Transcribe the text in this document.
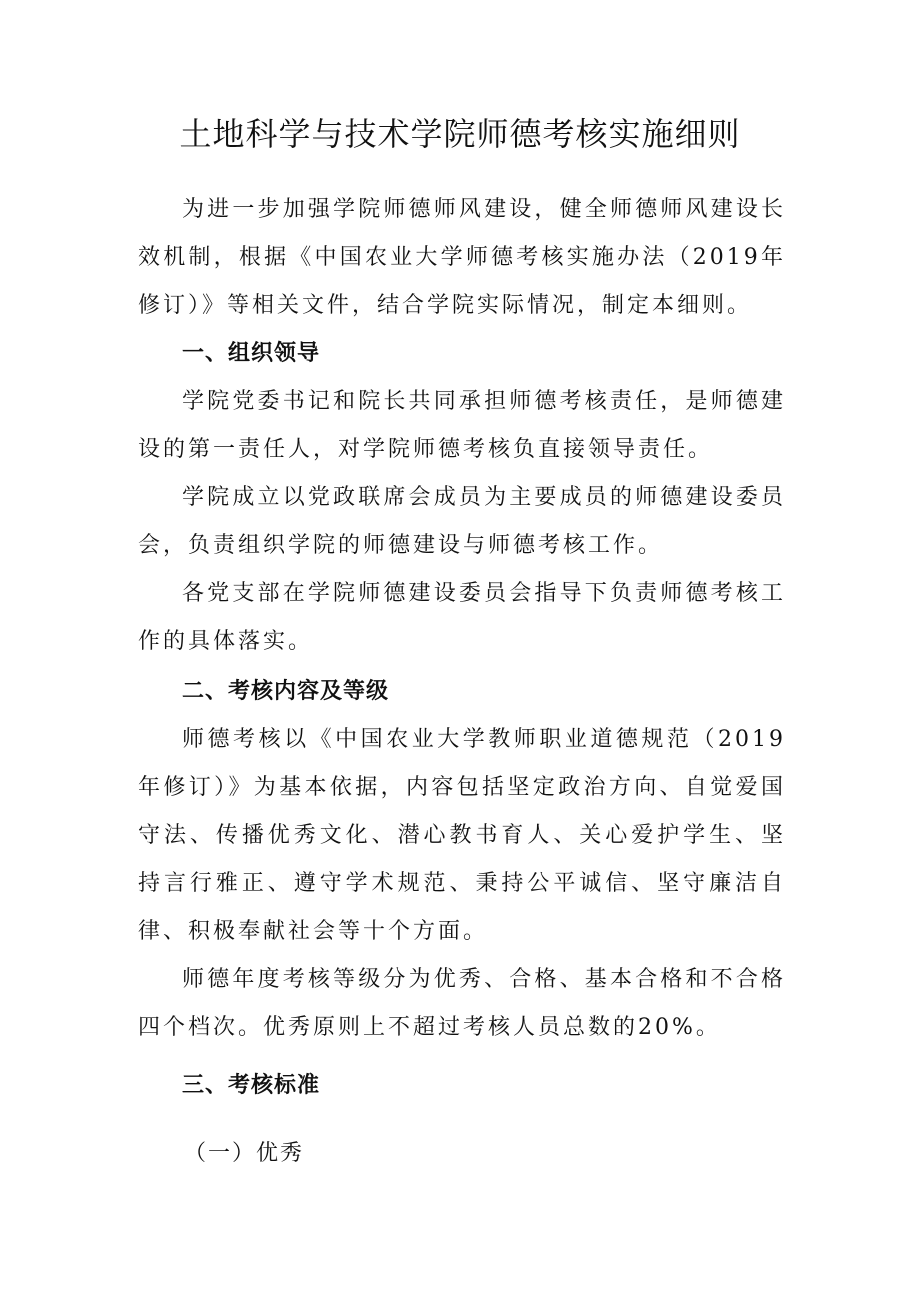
土地科学与技术学院师德考核实施细则

为进一步加强学院师德师风建设，健全师德师风建设长效机制，根据《中国农业大学师德考核实施办法（2019年修订）》等相关文件，结合学院实际情况，制定本细则。

一、组织领导

学院党委书记和院长共同承担师德考核责任，是师德建设的第一责任人，对学院师德考核负直接领导责任。

学院成立以党政联席会成员为主要成员的师德建设委员会，负责组织学院的师德建设与师德考核工作。

各党支部在学院师德建设委员会指导下负责师德考核工作的具体落实。

二、考核内容及等级

师德考核以《中国农业大学教师职业道德规范（2019年修订）》为基本依据，内容包括坚定政治方向、自觉爱国守法、传播优秀文化、潜心教书育人、关心爱护学生、坚持言行雅正、遵守学术规范、秉持公平诚信、坚守廉洁自律、积极奉献社会等十个方面。

师德年度考核等级分为优秀、合格、基本合格和不合格四个档次。优秀原则上不超过考核人员总数的20%。

三、考核标准

（一）优秀
